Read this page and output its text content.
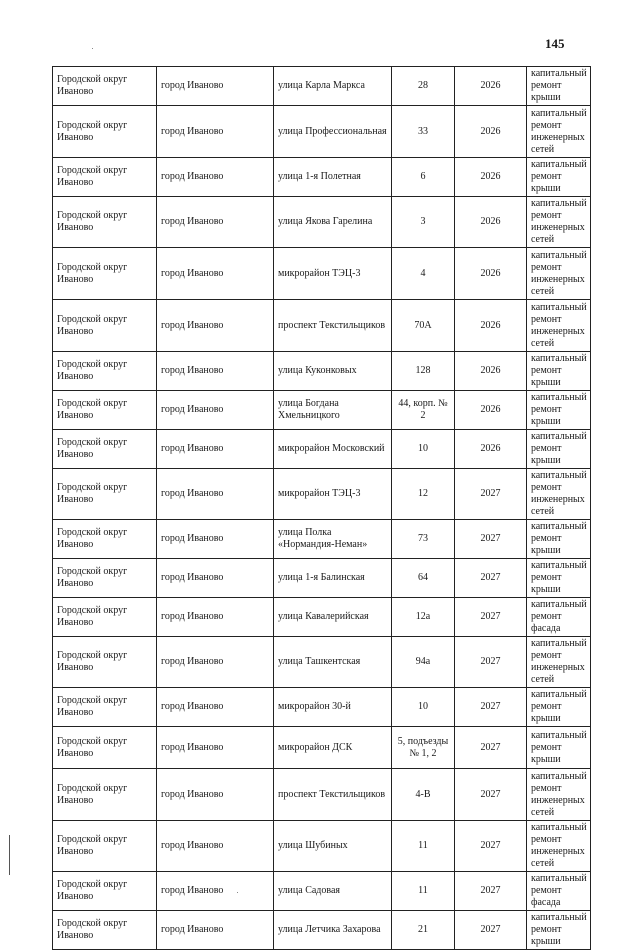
145
Городской округ Иваново	город Иваново	улица Карла Маркса	28	2026	капитальный ремонт крыши
Городской округ Иваново	город Иваново	улица Профессиональная	33	2026	капитальный ремонт инженерных сетей
Городской округ Иваново	город Иваново	улица 1-я Полетная	6	2026	капитальный ремонт крыши
Городской округ Иваново	город Иваново	улица Якова Гарелина	3	2026	капитальный ремонт инженерных сетей
Городской округ Иваново	город Иваново	микрорайон ТЭЦ-3	4	2026	капитальный ремонт инженерных сетей
Городской округ Иваново	город Иваново	проспект Текстильщиков	70А	2026	капитальный ремонт инженерных сетей
Городской округ Иваново	город Иваново	улица Куконковых	128	2026	капитальный ремонт крыши
Городской округ Иваново	город Иваново	улица Богдана Хмельницкого	44, корп. № 2	2026	капитальный ремонт крыши
Городской округ Иваново	город Иваново	микрорайон Московский	10	2026	капитальный ремонт крыши
Городской округ Иваново	город Иваново	микрорайон ТЭЦ-3	12	2027	капитальный ремонт инженерных сетей
Городской округ Иваново	город Иваново	улица Полка «Нормандия-Неман»	73	2027	капитальный ремонт крыши
Городской округ Иваново	город Иваново	улица 1-я Балинская	64	2027	капитальный ремонт крыши
Городской округ Иваново	город Иваново	улица Кавалерийская	12а	2027	капитальный ремонт фасада
Городской округ Иваново	город Иваново	улица Ташкентская	94а	2027	капитальный ремонт инженерных сетей
Городской округ Иваново	город Иваново	микрорайон 30-й	10	2027	капитальный ремонт крыши
Городской округ Иваново	город Иваново	микрорайон ДСК	5, подъезды № 1, 2	2027	капитальный ремонт крыши
Городской округ Иваново	город Иваново	проспект Текстильщиков	4-В	2027	капитальный ремонт инженерных сетей
Городской округ Иваново	город Иваново	улица Шубиных	11	2027	капитальный ремонт инженерных сетей
Городской округ Иваново	город Иваново	улица Садовая	11	2027	капитальный ремонт фасада
Городской округ Иваново	город Иваново	улица Летчика Захарова	21	2027	капитальный ремонт крыши
